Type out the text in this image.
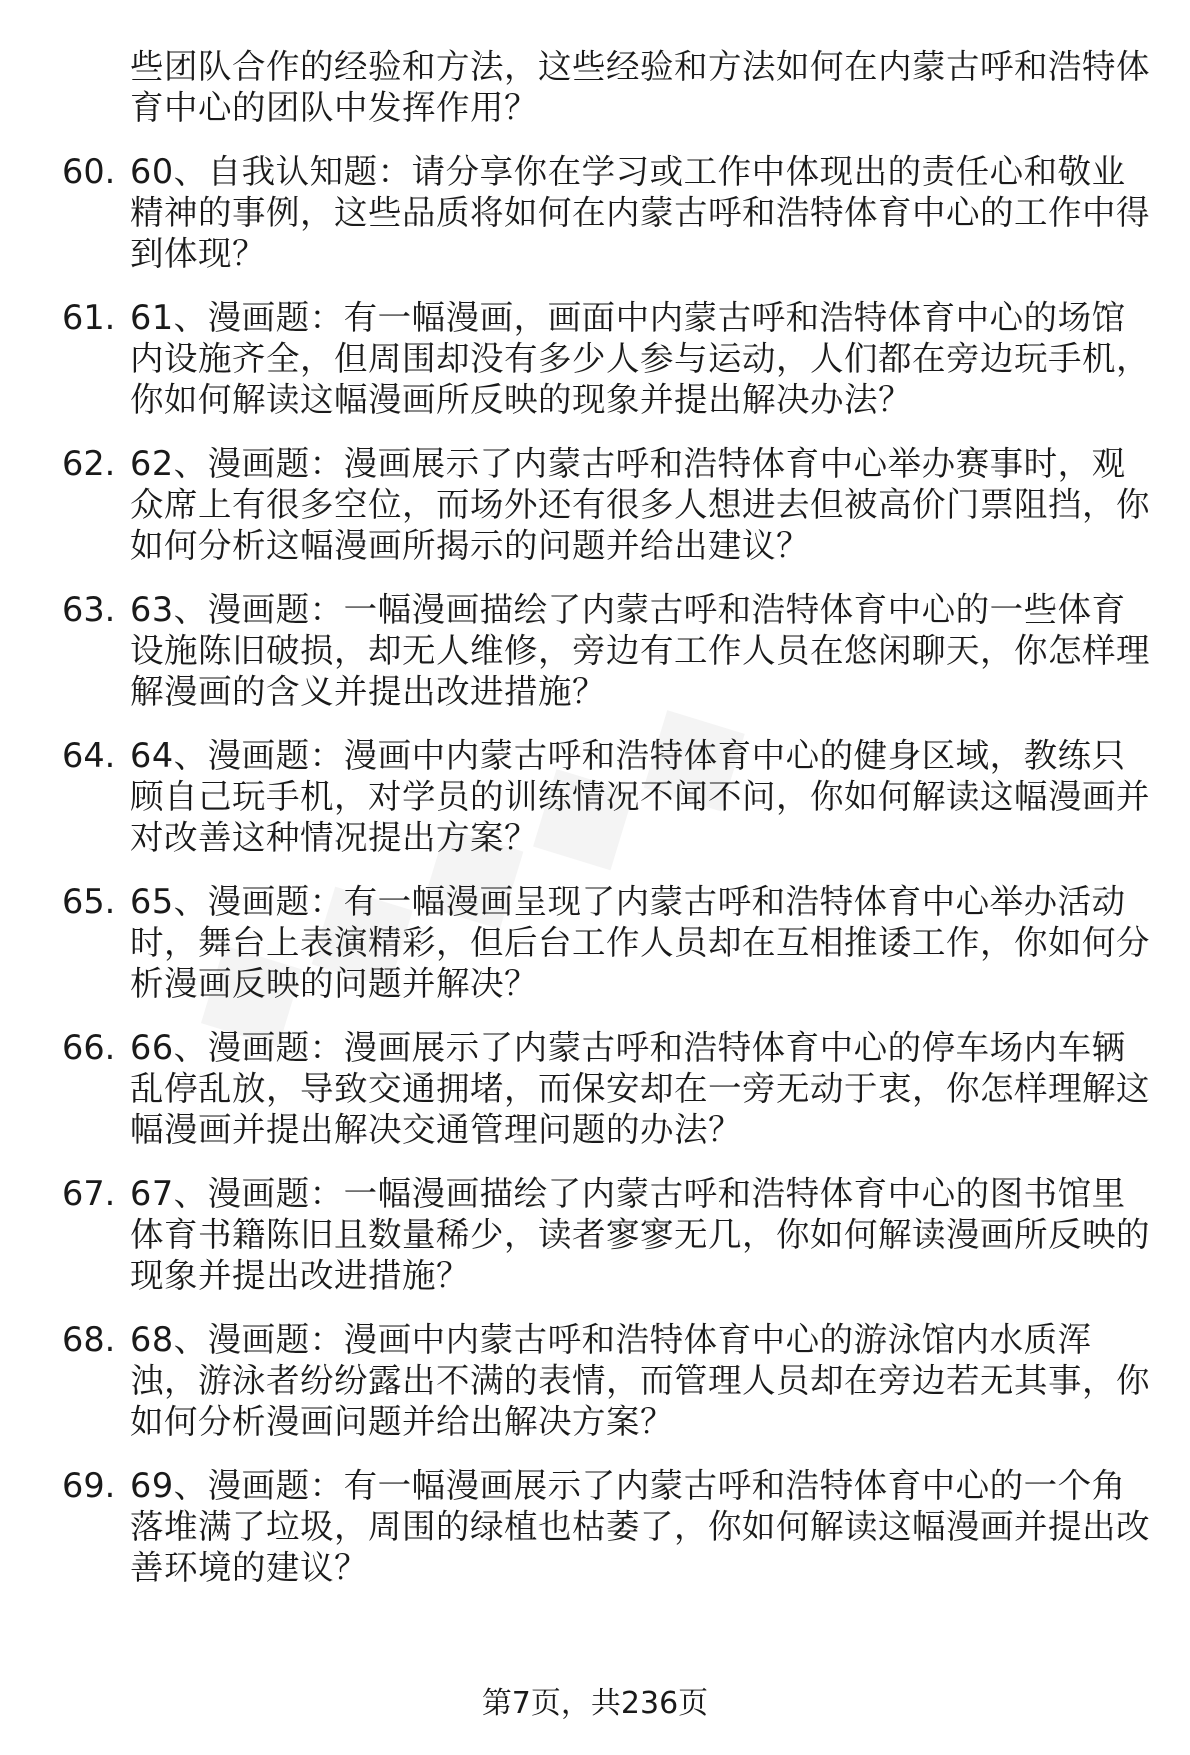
些团队合作的经验和方法，这些经验和方法如何在内蒙古呼和浩特体育中心的团队中发挥作用？
60. 60、自我认知题：请分享你在学习或工作中体现出的责任心和敬业精神的事例，这些品质将如何在内蒙古呼和浩特体育中心的工作中得到体现？
61. 61、漫画题：有一幅漫画，画面中内蒙古呼和浩特体育中心的场馆内设施齐全，但周围却没有多少人参与运动，人们都在旁边玩手机，你如何解读这幅漫画所反映的现象并提出解决办法？
62. 62、漫画题：漫画展示了内蒙古呼和浩特体育中心举办赛事时，观众席上有很多空位，而场外还有很多人想进去但被高价门票阻挡，你如何分析这幅漫画所揭示的问题并给出建议？
63. 63、漫画题：一幅漫画描绘了内蒙古呼和浩特体育中心的一些体育设施陈旧破损，却无人维修，旁边有工作人员在悠闲聊天，你怎样理解漫画的含义并提出改进措施？
64. 64、漫画题：漫画中内蒙古呼和浩特体育中心的健身区域，教练只顾自己玩手机，对学员的训练情况不闻不问，你如何解读这幅漫画并对改善这种情况提出方案？
65. 65、漫画题：有一幅漫画呈现了内蒙古呼和浩特体育中心举办活动时，舞台上表演精彩，但后台工作人员却在互相推诿工作，你如何分析漫画反映的问题并解决？
66. 66、漫画题：漫画展示了内蒙古呼和浩特体育中心的停车场内车辆乱停乱放，导致交通拥堵，而保安却在一旁无动于衷，你怎样理解这幅漫画并提出解决交通管理问题的办法？
67. 67、漫画题：一幅漫画描绘了内蒙古呼和浩特体育中心的图书馆里体育书籍陈旧且数量稀少，读者寥寥无几，你如何解读漫画所反映的现象并提出改进措施？
68. 68、漫画题：漫画中内蒙古呼和浩特体育中心的游泳馆内水质浑浊，游泳者纷纷露出不满的表情，而管理人员却在旁边若无其事，你如何分析漫画问题并给出解决方案？
69. 69、漫画题：有一幅漫画展示了内蒙古呼和浩特体育中心的一个角落堆满了垃圾，周围的绿植也枯萎了，你如何解读这幅漫画并提出改善环境的建议？
第7页，共236页
